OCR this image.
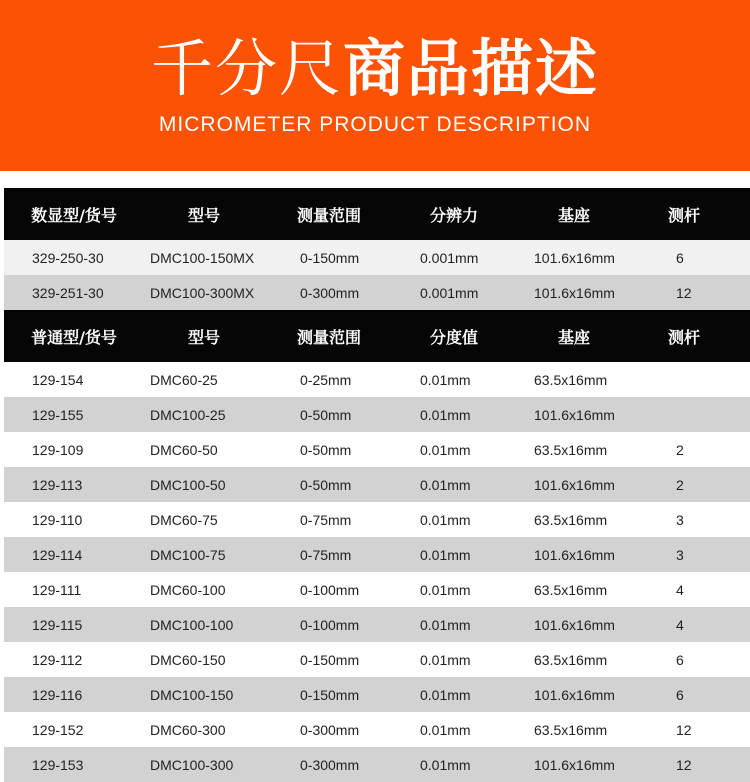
千分尺商品描述
MICROMETER PRODUCT DESCRIPTION
数显型/货号	型号	测量范围	分辨力	基座	测杆
329-250-30	DMC100-150MX	0-150mm	0.001mm	101.6x16mm	6
329-251-30	DMC100-300MX	0-300mm	0.001mm	101.6x16mm	12
普通型/货号	型号	测量范围	分度值	基座	测杆
129-154	DMC60-25	0-25mm	0.01mm	63.5x16mm
129-155	DMC100-25	0-50mm	0.01mm	101.6x16mm
129-109	DMC60-50	0-50mm	0.01mm	63.5x16mm	2
129-113	DMC100-50	0-50mm	0.01mm	101.6x16mm	2
129-110	DMC60-75	0-75mm	0.01mm	63.5x16mm	3
129-114	DMC100-75	0-75mm	0.01mm	101.6x16mm	3
129-111	DMC60-100	0-100mm	0.01mm	63.5x16mm	4
129-115	DMC100-100	0-100mm	0.01mm	101.6x16mm	4
129-112	DMC60-150	0-150mm	0.01mm	63.5x16mm	6
129-116	DMC100-150	0-150mm	0.01mm	101.6x16mm	6
129-152	DMC60-300	0-300mm	0.01mm	63.5x16mm	12
129-153	DMC100-300	0-300mm	0.01mm	101.6x16mm	12
